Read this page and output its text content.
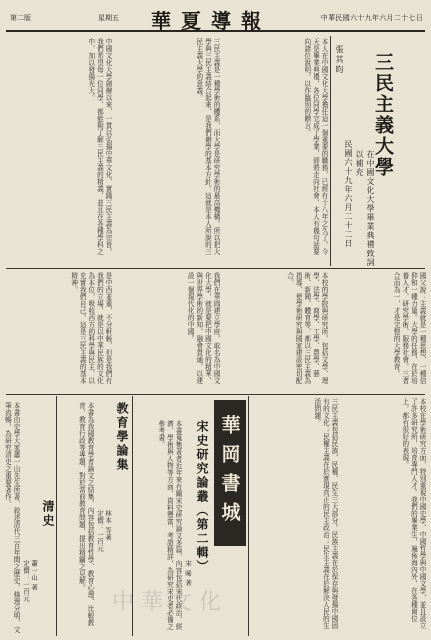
中華民國六十九年六月二十七日
華夏導報
星期五
第二版
三民主義大學
在中國文化大學畢業典禮致詞以補充
民國六十九年六月二十二日
張其昀
本人在中國文化大學擔任這一個重要的職務，已經有十八年之久了。今天是畢業典禮，各位同學完成了學業，即將走向社會，本人有幾句話要向諸位說明，以作臨別的贈言。
三民主義是一種學術的體系，而大學是研究學術的最高機構。所以把大學與三民主義結合起來，是我們辦學的基本方針。這就是本人所說的三民主義大學的意義。
中國文化大學創辦以來，一貫以弘揚中華文化、實踐三民主義為宗旨。我們希望每一位同學，都能夠了解三民主義的精義，並且在各種學科之中，加以發揚光大。
國父說：主義就是一種思想、一種信仰和一種力量。大學的任務，在於培養人才、研究學術、服務社會。三者合而為一，才是完整的大學教育。
本校的學院與研究所，包括文學、理學、法學、商學、工學、農學、藝術、新聞、體育等，都以三民主義為指導，使學術研究與國家建設密切配合。
我們在華岡建立學府，取名為中國文化大學，就是要把中國文化的精華，與世界學術的新知，融會貫通，以建設一個現代化的中國。
是中西並重，不分軒輊，但是我們有我們的立場，就是以中華民族的文化為本位，吸收西方的科學與民主，以充實我們自己。這是三民主義的基本精神。
本校在學術研究方面，特別重視中國史學、中國哲學與中國文學，並且設立了許多研究所，培育專門人才。我們的畢業生，遍佈海內外，在各種崗位上，都有很好的表現。
三民主義包括民族、民權、民生三大部分。民族主義在於保存與發揚中國固有的文化；民權主義在於實現真正的民主政治；民生主義在於解決人民的生活問題。
華岡書城
宋史研究論叢（第二輯）
宋 晞 著
本書蒐集著者近年來有關宋史研究論文多篇，內容包括宋代政治、經濟、學術與人物等方面，資料豐富，考證精詳，為研究宋史者必備之參考書。
教育學論集
林本 等著
定價：一百元
本書為我國教育學者論文之結集，內容包括教育哲學、教育心理、比較教育、教育行政等專題，對於當前教育問題，提出精闢之見解。
清史
蕭一山 著
定價：一百元
本書由史學大家蕭一山先生所著，敘述清代三百年間之歷史，條理分明，文筆流暢，為研究清史之重要著作。
中華文化
